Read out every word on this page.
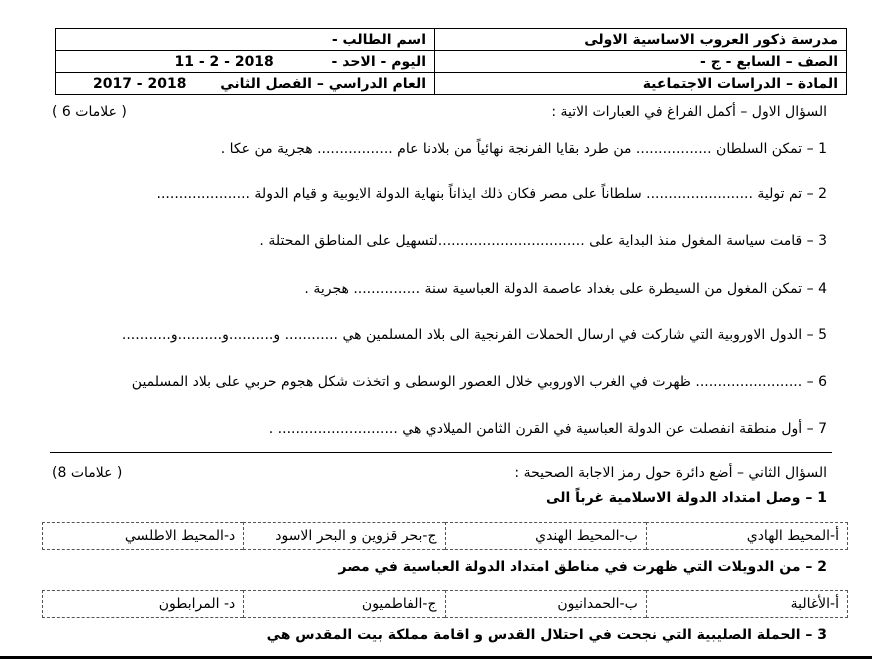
مدرسة ذكور العروب الاساسية الاولى	اسم الطالب -
الصف – السابع - ج -	اليوم - الاحد -  11 - 2 - 2018
المادة – الدراسات الاجتماعية	العام الدراسي – الفصل الثاني  2017 - 2018
السؤال الاول – أكمل الفراغ في العبارات الاتية :
( 6 علامات )
1 – تمكن السلطان ................. من طرد بقايا الفرنجة نهائياً من بلادنا عام ................. هجرية من عكا .
2 – تم تولية ........................ سلطاناً على مصر فكان ذلك ايذاناً بنهاية الدولة الايوبية و قيام الدولة .....................
3 – قامت سياسة المغول منذ البداية على .................................لتسهيل على المناطق المحتلة .
4 – تمكن المغول من السيطرة على بغداد عاصمة الدولة العباسية سنة ............... هجرية .
5 – الدول الاوروبية التي شاركت في ارسال الحملات الفرنجية الى بلاد المسلمين هي ............ و..........و..........و...........
6 – ........................ ظهرت في الغرب الاوروبي خلال العصور الوسطى و اتخذت شكل هجوم حربي على بلاد المسلمين
7 – أول منطقة انفصلت عن الدولة العباسية في القرن الثامن الميلادي هي ........................... .
السؤال الثاني – أضع دائرة حول رمز الاجابة الصحيحة :
(8 علامات )
1 – وصل امتداد الدولة الاسلامية غرباً الى
أ-المحيط الهادي	ب-المحيط الهندي	ج-بحر قزوين و البحر الاسود	د-المحيط الاطلسي
2 – من الدويلات التي ظهرت في مناطق امتداد الدولة العباسية في مصر
أ-الأغالبة	ب-الحمدانيون	ج-الفاطميون	د- المرابطون
3 – الحملة الصليبية التي نجحت في احتلال القدس و اقامة مملكة بيت المقدس هي
